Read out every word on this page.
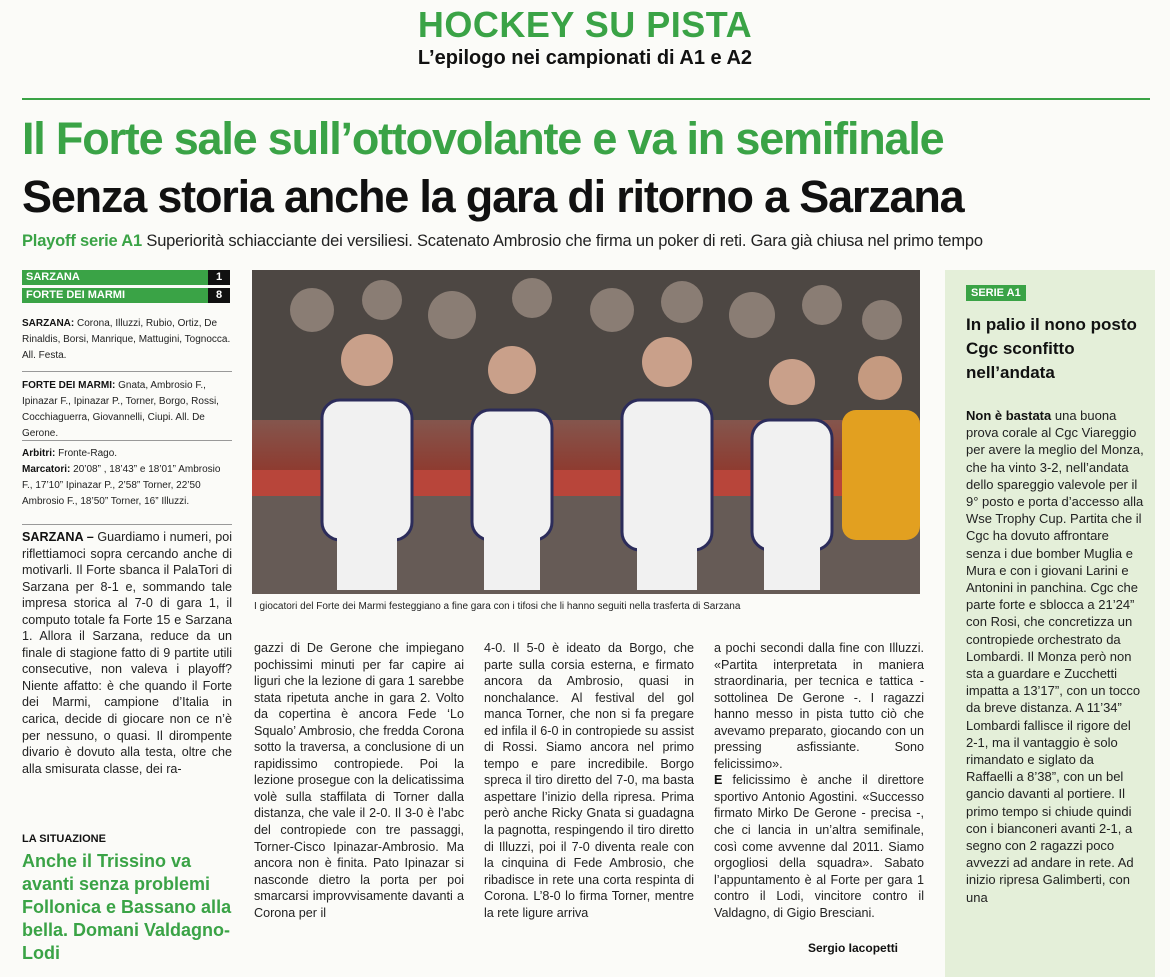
HOCKEY SU PISTA
L’epilogo nei campionati di A1 e A2
Il Forte sale sull’ottovolante e va in semifinale
Senza storia anche la gara di ritorno a Sarzana
Playoff serie A1 Superiorità schiacciante dei versiliesi. Scatenato Ambrosio che firma un poker di reti. Gara già chiusa nel primo tempo
SARZANA	1
FORTE DEI MARMI	8
SARZANA: Corona, Illuzzi, Rubio, Ortiz, De Rinaldis, Borsi, Manrique, Mattugini, Tognocca. All. Festa.
FORTE DEI MARMI: Gnata, Ambrosio F., Ipinazar F., Ipinazar P., Torner, Borgo, Rossi, Cocchiaguerra, Giovannelli, Ciupi. All. De Gerone.
Arbitri: Fronte-Rago.
Marcatori: 20’08” , 18’43” e 18’01” Ambrosio F., 17’10” Ipinazar P., 2’58” Torner, 22’50 Ambrosio F., 18’50” Torner, 16” Illuzzi.
SARZANA – Guardiamo i numeri, poi riflettiamoci sopra cercando anche di motivarli. Il Forte sbanca il PalaTori di Sarzana per 8-1 e, sommando tale impresa storica al 7-0 di gara 1, il computo totale fa Forte 15 e Sarzana 1. Allora il Sarzana, reduce da un finale di stagione fatto di 9 partite utili consecutive, non valeva i playoff? Niente affatto: è che quando il Forte dei Marmi, campione d’Italia in carica, decide di giocare non ce n’è per nessuno, o quasi. Il dirompente divario è dovuto alla testa, oltre che alla smisurata classe, dei ra-
LA SITUAZIONE
Anche il Trissino va avanti senza problemi Follonica e Bassano alla bella. Domani Valdagno-Lodi
I giocatori del Forte dei Marmi festeggiano a fine gara con i tifosi che li hanno seguiti nella trasferta di Sarzana
gazzi di De Gerone che impiegano pochissimi minuti per far capire ai liguri che la lezione di gara 1 sarebbe stata ripetuta anche in gara 2. Volto da copertina è ancora Fede ‘Lo Squalo’ Ambrosio, che fredda Corona sotto la traversa, a conclusione di un rapidissimo contropiede. Poi la lezione prosegue con la delicatissima volè sulla staffilata di Torner dalla distanza, che vale il 2-0. Il 3-0 è l’abc del contropiede con tre passaggi, Torner-Cisco Ipinazar-Ambrosio. Ma ancora non è finita. Pato Ipinazar si nasconde dietro la porta per poi smarcarsi improvvisamente davanti a Corona per il
4-0. Il 5-0 è ideato da Borgo, che parte sulla corsia esterna, e firmato ancora da Ambrosio, quasi in nonchalance. Al festival del gol manca Torner, che non si fa pregare ed infila il 6-0 in contropiede su assist di Rossi. Siamo ancora nel primo tempo e pare incredibile. Borgo spreca il tiro diretto del 7-0, ma basta aspettare l’inizio della ripresa. Prima però anche Ricky Gnata si guadagna la pagnotta, respingendo il tiro diretto di Illuzzi, poi il 7-0 diventa reale con la cinquina di Fede Ambrosio, che ribadisce in rete una corta respinta di Corona. L’8-0 lo firma Torner, mentre la rete ligure arriva
a pochi secondi dalla fine con Illuzzi. «Partita interpretata in maniera straordinaria, per tecnica e tattica - sottolinea De Gerone -. I ragazzi hanno messo in pista tutto ciò che avevamo preparato, giocando con un pressing asfissiante. Sono felicissimo».
E felicissimo è anche il direttore sportivo Antonio Agostini. «Successo firmato Mirko De Gerone - precisa -, che ci lancia in un’altra semifinale, così come avvenne dal 2011. Siamo orgogliosi della squadra». Sabato l’appuntamento è al Forte per gara 1 contro il Lodi, vincitore contro il Valdagno, di Gigio Bresciani.
Sergio Iacopetti
SERIE A1
In palio il nono posto Cgc sconfitto nell’andata
Non è bastata una buona prova corale al Cgc Viareggio per avere la meglio del Monza, che ha vinto 3-2, nell’andata dello spareggio valevole per il 9° posto e porta d’accesso alla Wse Trophy Cup. Partita che il Cgc ha dovuto affrontare senza i due bomber Muglia e Mura e con i giovani Larini e Antonini in panchina. Cgc che parte forte e sblocca a 21’24” con Rosi, che concretizza un contropiede orchestrato da Lombardi. Il Monza però non sta a guardare e Zucchetti impatta a 13’17”, con un tocco da breve distanza. A 11’34” Lombardi fallisce il rigore del 2-1, ma il vantaggio è solo rimandato e siglato da Raffaelli a 8’38”, con un bel gancio davanti al portiere. Il primo tempo si chiude quindi con i bianconeri avanti 2-1, a segno con 2 ragazzi poco avvezzi ad andare in rete. Ad inizio ripresa Galimberti, con una
